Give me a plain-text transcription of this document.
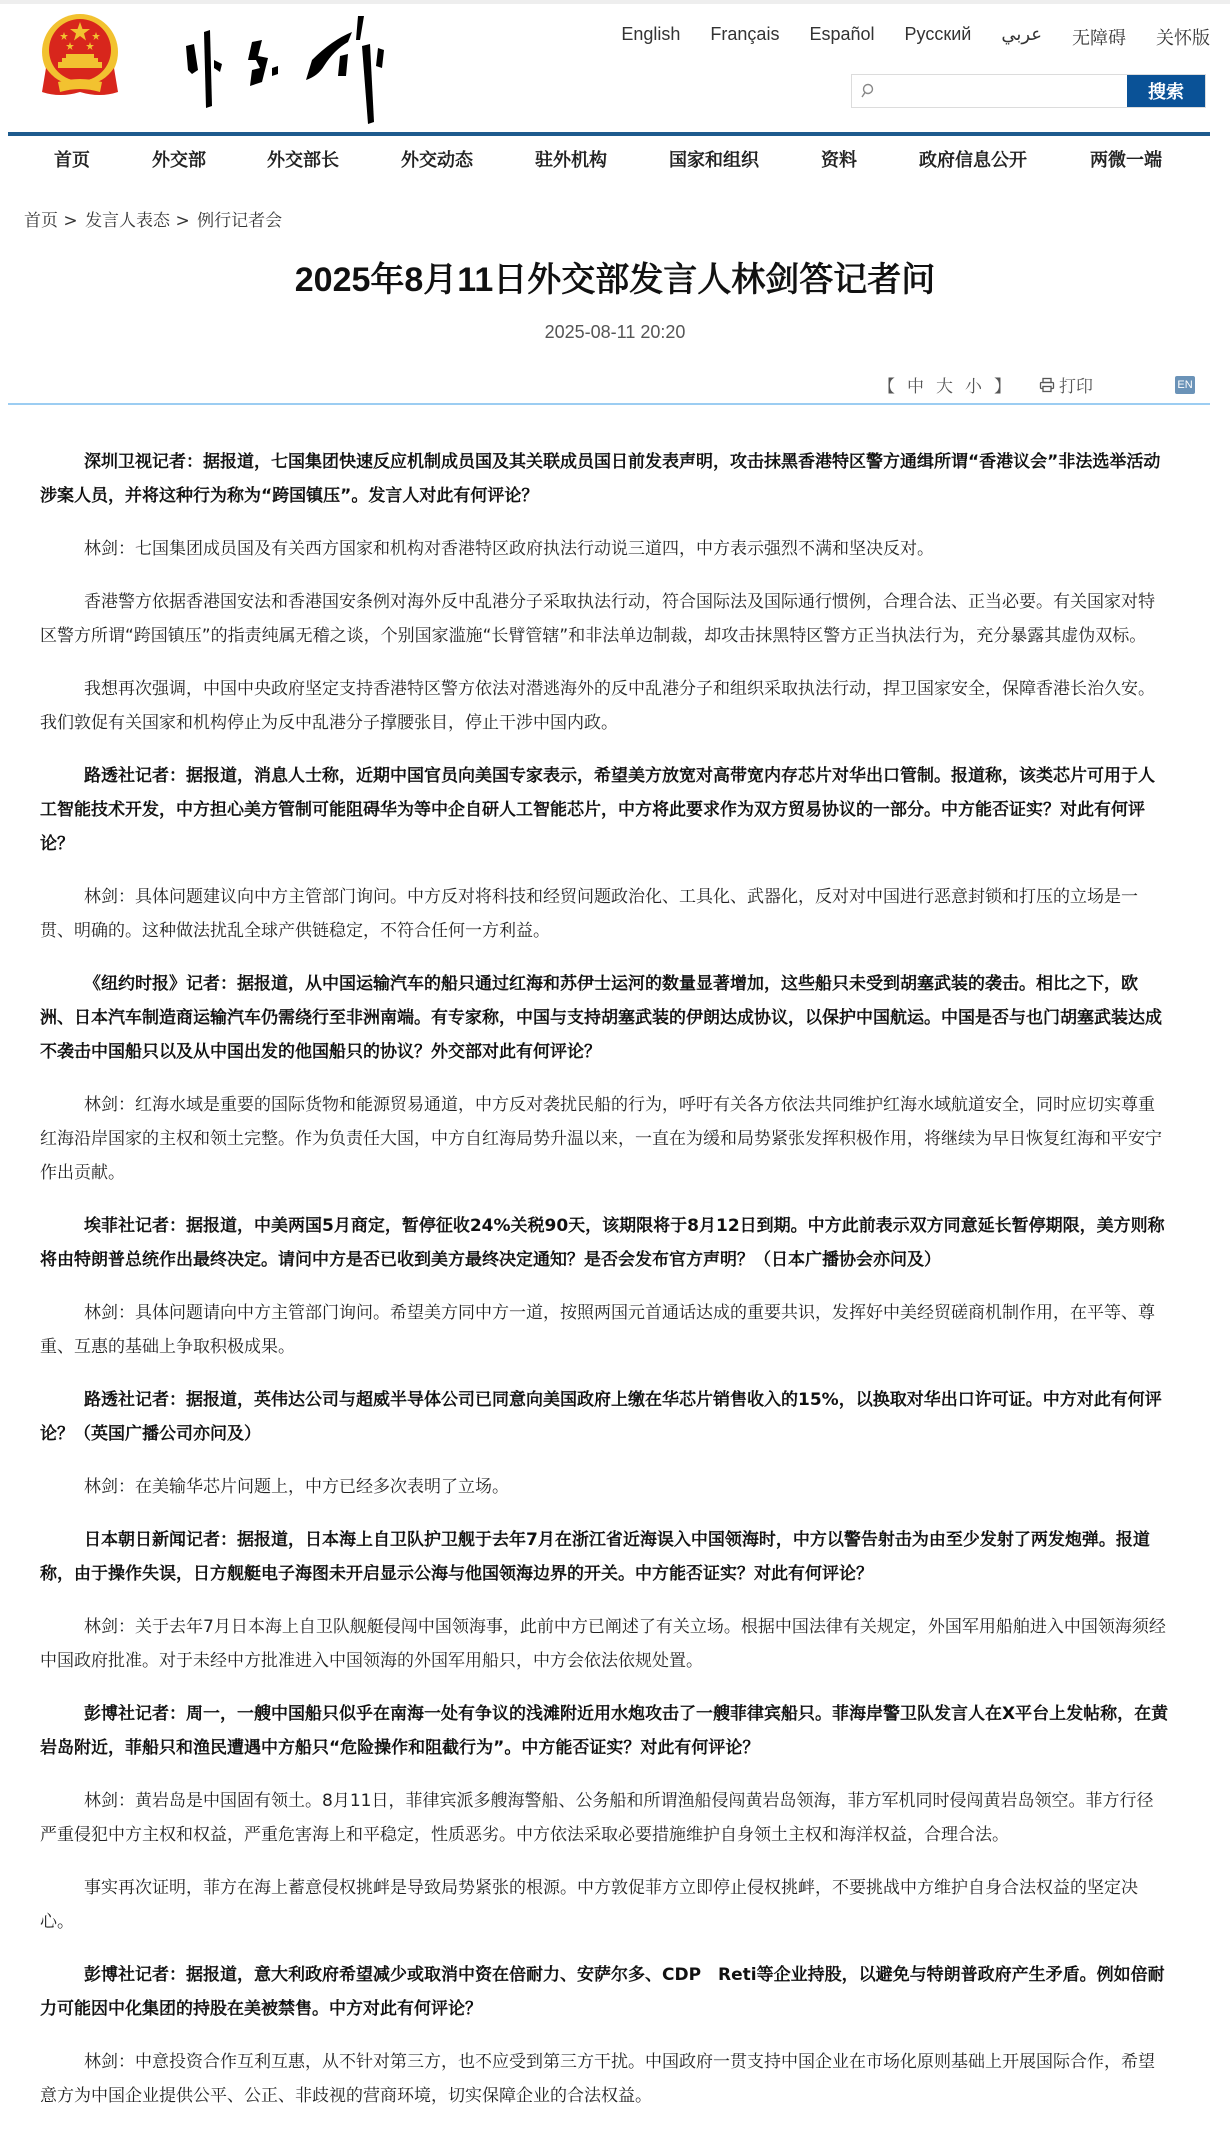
English Français Español Русский عربي 无障碍 关怀版
搜索
首页	外交部	外交部长	外交动态	驻外机构	国家和组织	资料	政府信息公开	两微一端
首页 > 发言人表态 > 例行记者会
2025年8月11日外交部发言人林剑答记者问
2025-08-11 20:20
【中大小】 打印	EN

深圳卫视记者：据报道，七国集团快速反应机制成员国及其关联成员国日前发表声明，攻击抹黑香港特区警方通缉所谓“香港议会”非法选举活动涉案人员，并将这种行为称为“跨国镇压”。发言人对此有何评论？

林剑：七国集团成员国及有关西方国家和机构对香港特区政府执法行动说三道四，中方表示强烈不满和坚决反对。

香港警方依据香港国安法和香港国安条例对海外反中乱港分子采取执法行动，符合国际法及国际通行惯例，合理合法、正当必要。有关国家对特区警方所谓“跨国镇压”的指责纯属无稽之谈，个别国家滥施“长臂管辖”和非法单边制裁，却攻击抹黑特区警方正当执法行为，充分暴露其虚伪双标。

我想再次强调，中国中央政府坚定支持香港特区警方依法对潜逃海外的反中乱港分子和组织采取执法行动，捍卫国家安全，保障香港长治久安。我们敦促有关国家和机构停止为反中乱港分子撑腰张目，停止干涉中国内政。

路透社记者：据报道，消息人士称，近期中国官员向美国专家表示，希望美方放宽对高带宽内存芯片对华出口管制。报道称，该类芯片可用于人工智能技术开发，中方担心美方管制可能阻碍华为等中企自研人工智能芯片，中方将此要求作为双方贸易协议的一部分。中方能否证实？对此有何评论？

林剑：具体问题建议向中方主管部门询问。中方反对将科技和经贸问题政治化、工具化、武器化，反对对中国进行恶意封锁和打压的立场是一贯、明确的。这种做法扰乱全球产供链稳定，不符合任何一方利益。

《纽约时报》记者：据报道，从中国运输汽车的船只通过红海和苏伊士运河的数量显著增加，这些船只未受到胡塞武装的袭击。相比之下，欧洲、日本汽车制造商运输汽车仍需绕行至非洲南端。有专家称，中国与支持胡塞武装的伊朗达成协议，以保护中国航运。中国是否与也门胡塞武装达成不袭击中国船只以及从中国出发的他国船只的协议？外交部对此有何评论？

林剑：红海水域是重要的国际货物和能源贸易通道，中方反对袭扰民船的行为，呼吁有关各方依法共同维护红海水域航道安全，同时应切实尊重红海沿岸国家的主权和领土完整。作为负责任大国，中方自红海局势升温以来，一直在为缓和局势紧张发挥积极作用，将继续为早日恢复红海和平安宁作出贡献。

埃菲社记者：据报道，中美两国5月商定，暂停征收24%关税90天，该期限将于8月12日到期。中方此前表示双方同意延长暂停期限，美方则称将由特朗普总统作出最终决定。请问中方是否已收到美方最终决定通知？是否会发布官方声明？（日本广播协会亦问及）

林剑：具体问题请向中方主管部门询问。希望美方同中方一道，按照两国元首通话达成的重要共识，发挥好中美经贸磋商机制作用，在平等、尊重、互惠的基础上争取积极成果。

路透社记者：据报道，英伟达公司与超威半导体公司已同意向美国政府上缴在华芯片销售收入的15%，以换取对华出口许可证。中方对此有何评论？（英国广播公司亦问及）

林剑：在美输华芯片问题上，中方已经多次表明了立场。

日本朝日新闻记者：据报道，日本海上自卫队护卫舰于去年7月在浙江省近海误入中国领海时，中方以警告射击为由至少发射了两发炮弹。报道称，由于操作失误，日方舰艇电子海图未开启显示公海与他国领海边界的开关。中方能否证实？对此有何评论？

林剑：关于去年7月日本海上自卫队舰艇侵闯中国领海事，此前中方已阐述了有关立场。根据中国法律有关规定，外国军用船舶进入中国领海须经中国政府批准。对于未经中方批准进入中国领海的外国军用船只，中方会依法依规处置。

彭博社记者：周一，一艘中国船只似乎在南海一处有争议的浅滩附近用水炮攻击了一艘菲律宾船只。菲海岸警卫队发言人在X平台上发帖称，在黄岩岛附近，菲船只和渔民遭遇中方船只“危险操作和阻截行为”。中方能否证实？对此有何评论？

林剑：黄岩岛是中国固有领土。8月11日，菲律宾派多艘海警船、公务船和所谓渔船侵闯黄岩岛领海，菲方军机同时侵闯黄岩岛领空。菲方行径严重侵犯中方主权和权益，严重危害海上和平稳定，性质恶劣。中方依法采取必要措施维护自身领土主权和海洋权益，合理合法。

事实再次证明，菲方在海上蓄意侵权挑衅是导致局势紧张的根源。中方敦促菲方立即停止侵权挑衅，不要挑战中方维护自身合法权益的坚定决心。

彭博社记者：据报道，意大利政府希望减少或取消中资在倍耐力、安萨尔多、CDP　Reti等企业持股，以避免与特朗普政府产生矛盾。例如倍耐力可能因中化集团的持股在美被禁售。中方对此有何评论？

林剑：中意投资合作互利互惠，从不针对第三方，也不应受到第三方干扰。中国政府一贯支持中国企业在市场化原则基础上开展国际合作，希望意方为中国企业提供公平、公正、非歧视的营商环境，切实保障企业的合法权益。
